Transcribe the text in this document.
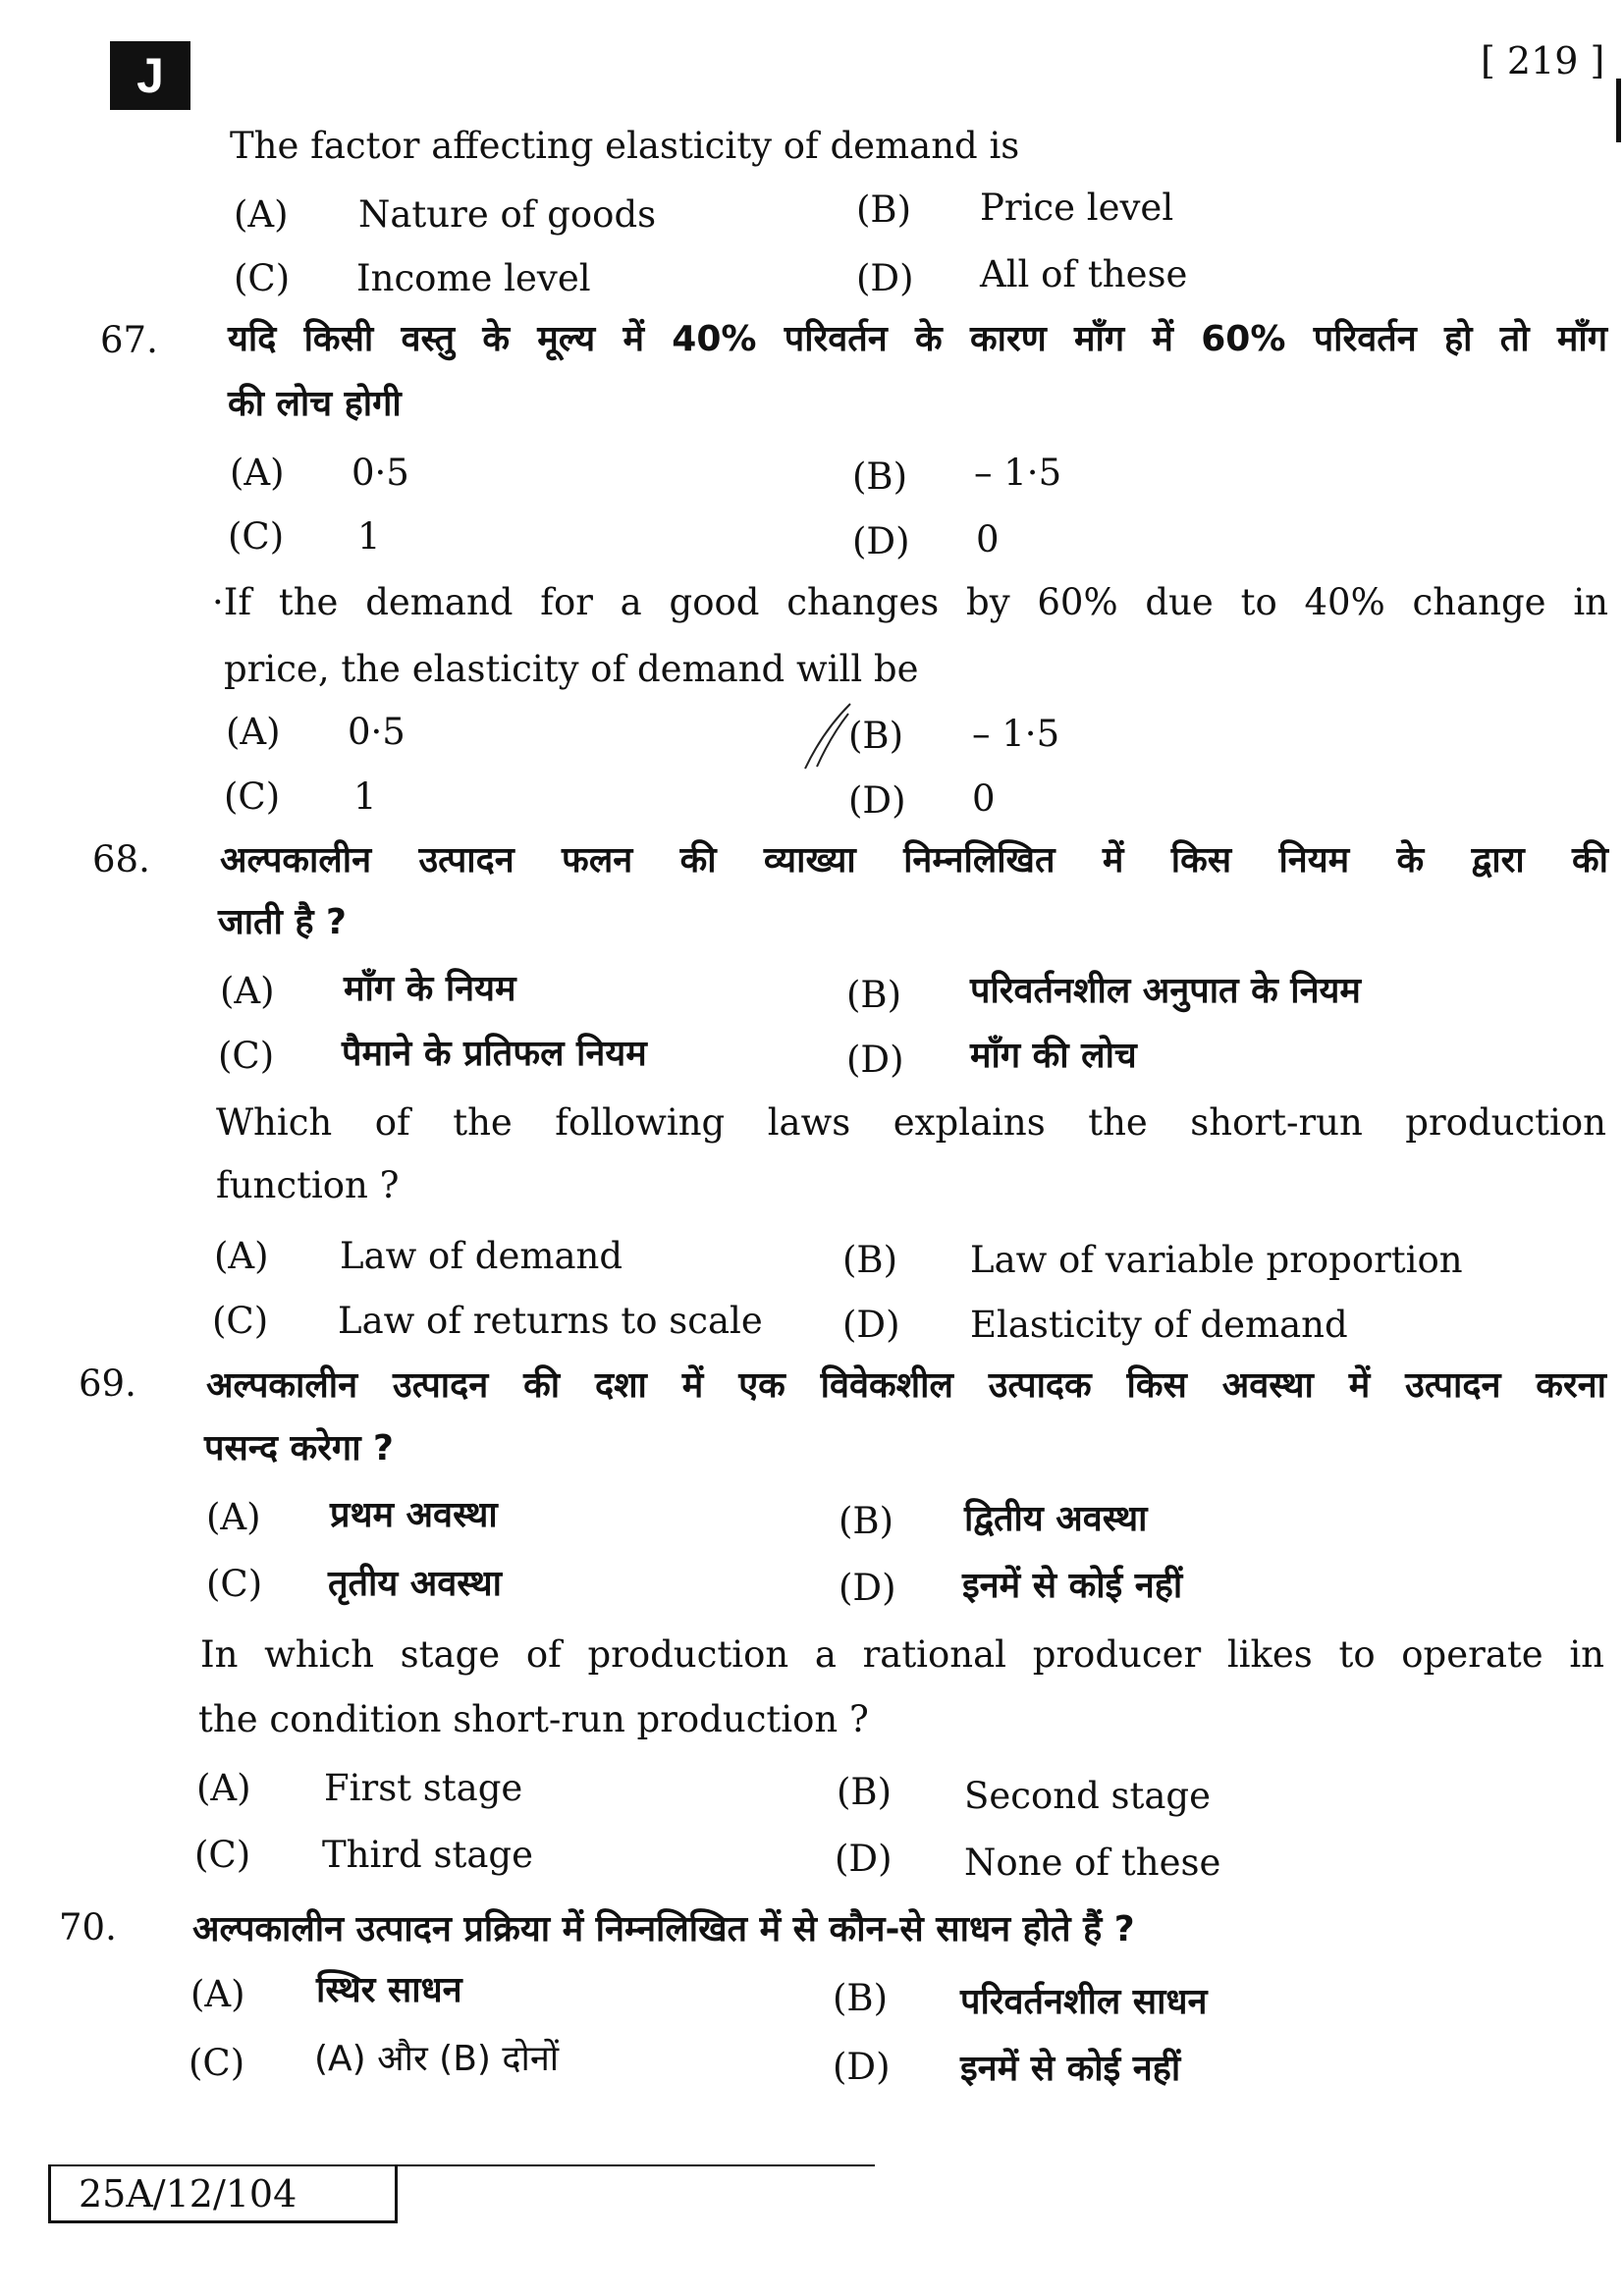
J	[ 219 ]
The factor affecting elasticity of demand is
(A) Nature of goods	(B) Price level
(C) Income level	(D) All of these
67. यदि किसी वस्तु के मूल्य में 40% परिवर्तन के कारण माँग में 60% परिवर्तन हो तो माँग
की लोच होगी
(A) 0·5	(B) – 1·5
(C) 1	(D) 0
·If the demand for a good changes by 60% due to 40% change in
price, the elasticity of demand will be
(A) 0·5	(B) – 1·5
(C) 1	(D) 0
68. अल्पकालीन उत्पादन फलन की व्याख्या निम्नलिखित में किस नियम के द्वारा की
जाती है ?
(A) माँग के नियम	(B) परिवर्तनशील अनुपात के नियम
(C) पैमाने के प्रतिफल नियम	(D) माँग की लोच
Which of the following laws explains the short-run production
function ?
(A) Law of demand	(B) Law of variable proportion
(C) Law of returns to scale (D) Elasticity of demand
69. अल्पकालीन उत्पादन की दशा में एक विवेकशील उत्पादक किस अवस्था में उत्पादन करना
पसन्द करेगा ?
(A) प्रथम अवस्था	(B) द्वितीय अवस्था
(C) तृतीय अवस्था	(D) इनमें से कोई नहीं
In which stage of production a rational producer likes to operate in
the condition short-run production ?
(A) First stage	(B) Second stage
(C) Third stage	(D) None of these
70. अल्पकालीन उत्पादन प्रक्रिया में निम्नलिखित में से कौन-से साधन होते हैं ?
(A) स्थिर साधन	(B) परिवर्तनशील साधन
(C) (A) और (B) दोनों	(D) इनमें से कोई नहीं
25A/12/104
